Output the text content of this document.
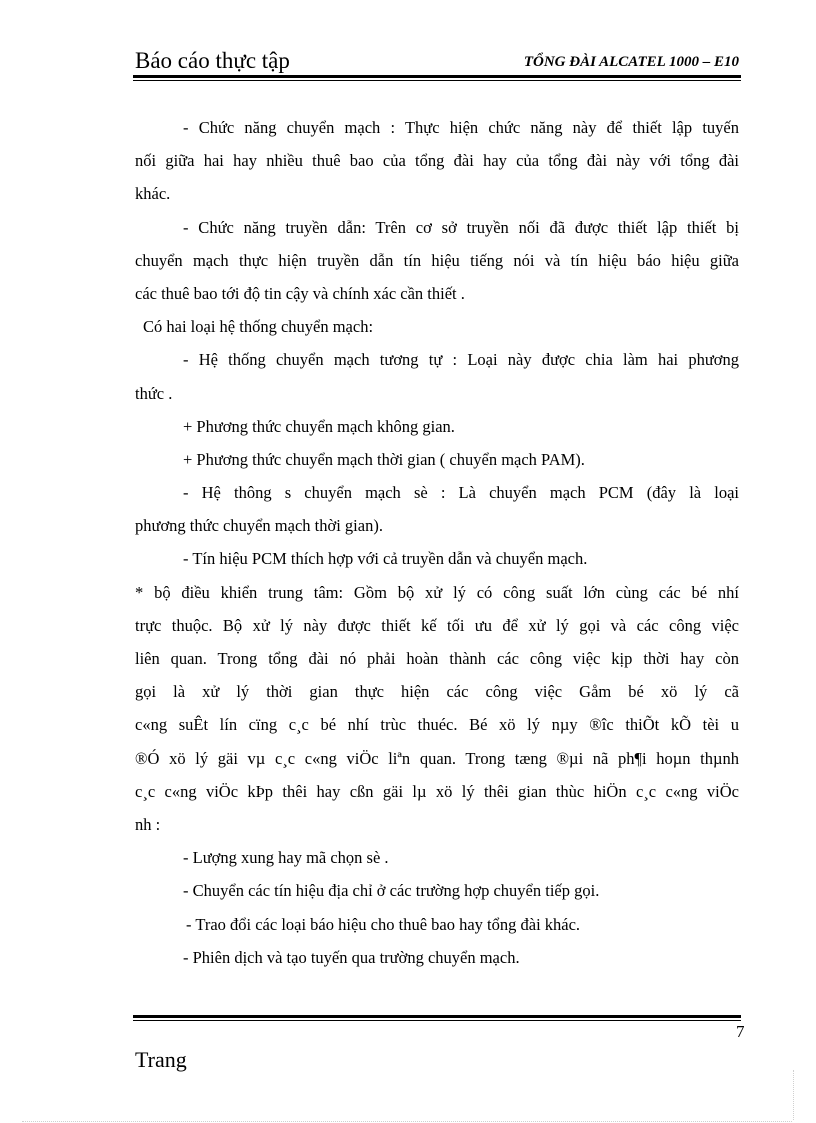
Báo cáo thực tập	TỔNG ĐÀI ALCATEL 1000 – E10
- Chức năng chuyển mạch : Thực hiện chức năng này để thiết lập tuyến
nối giữa hai hay nhiều thuê bao của tổng đài hay của tổng đài này với tổng đài
khác.
- Chức năng truyền dẫn: Trên cơ sở truyền nối đã được thiết lập thiết bị
chuyển mạch thực hiện truyền dẫn tín hiệu tiếng nói và tín hiệu báo hiệu giữa
các thuê bao tới độ tin cậy và chính xác cần thiết .
Có hai loại hệ thống chuyển mạch:
- Hệ thống chuyển mạch tương tự : Loại này được chia làm hai phương
thức .
+ Phương thức chuyển mạch không gian.
+ Phương thức chuyển mạch thời gian ( chuyển mạch PAM).
- Hệ thông s chuyển mạch sè : Là chuyển mạch PCM (đây là loại
phương thức chuyển mạch thời gian).
- Tín hiệu PCM thích hợp với cả truyền dẫn và chuyển mạch.
* bộ điều khiển trung tâm: Gồm bộ xử lý có công suất lớn cùng các bé nhí
trực thuộc. Bộ xử lý này được thiết kế tối ưu để xử lý gọi và các công việc
liên quan. Trong tổng đài nó phải hoàn thành các công việc kịp thời hay còn
gọi là xử lý thời gian thực hiện các công việc Gåm bé xö lý cã
c«ng suÊt lín cïng c¸c bé nhí trùc thuéc. Bé xö lý nµy ®îc thiÕt kÕ tèi u
®Ó xö lý gäi vµ c¸c c«ng viÖc liªn quan. Trong tæng ®µi nã ph¶i hoµn thµnh
c¸c c«ng viÖc kÞp thêi hay cßn gäi lµ xö lý thêi gian thùc hiÖn c¸c c«ng viÖc
nh :
- Lượng xung hay mã chọn sè .
- Chuyển các tín hiệu địa chỉ ở các trường hợp chuyển tiếp gọi.
- Trao đổi các loại báo hiệu cho thuê bao hay tổng đài khác.
- Phiên dịch và tạo tuyến qua trường chuyển mạch.
7
Trang
